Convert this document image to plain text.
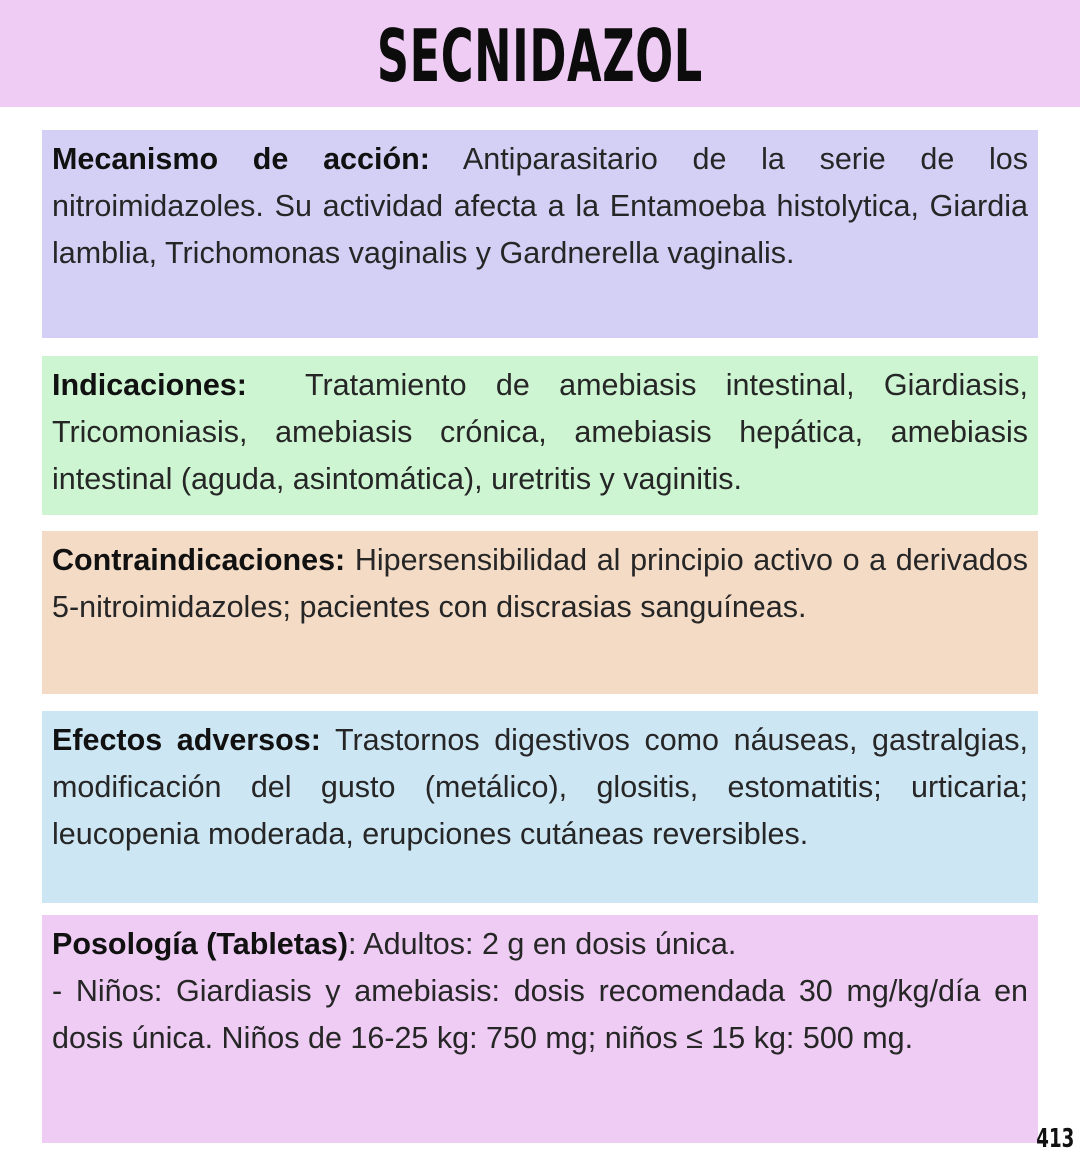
SECNIDAZOL
Mecanismo de acción: Antiparasitario de la serie de los nitroimidazoles. Su actividad afecta a la Entamoeba histolytica, Giardia lamblia, Trichomonas vaginalis y Gardnerella vaginalis.
Indicaciones:  Tratamiento de amebiasis intestinal, Giardiasis, Tricomoniasis, amebiasis crónica, amebiasis hepática, amebiasis intestinal (aguda, asintomática), uretritis y vaginitis.
Contraindicaciones: Hipersensibilidad al principio activo o a derivados 5-nitroimidazoles; pacientes con discrasias sanguíneas.
Efectos adversos: Trastornos digestivos como náuseas, gastralgias, modificación del gusto (metálico), glositis, estomatitis; urticaria; leucopenia moderada, erupciones cutáneas reversibles.
Posología (Tabletas): Adultos: 2 g en dosis única.
- Niños: Giardiasis y amebiasis: dosis recomendada 30 mg/kg/día en dosis única. Niños de 16-25 kg: 750 mg; niños ≤ 15 kg: 500 mg.
413
